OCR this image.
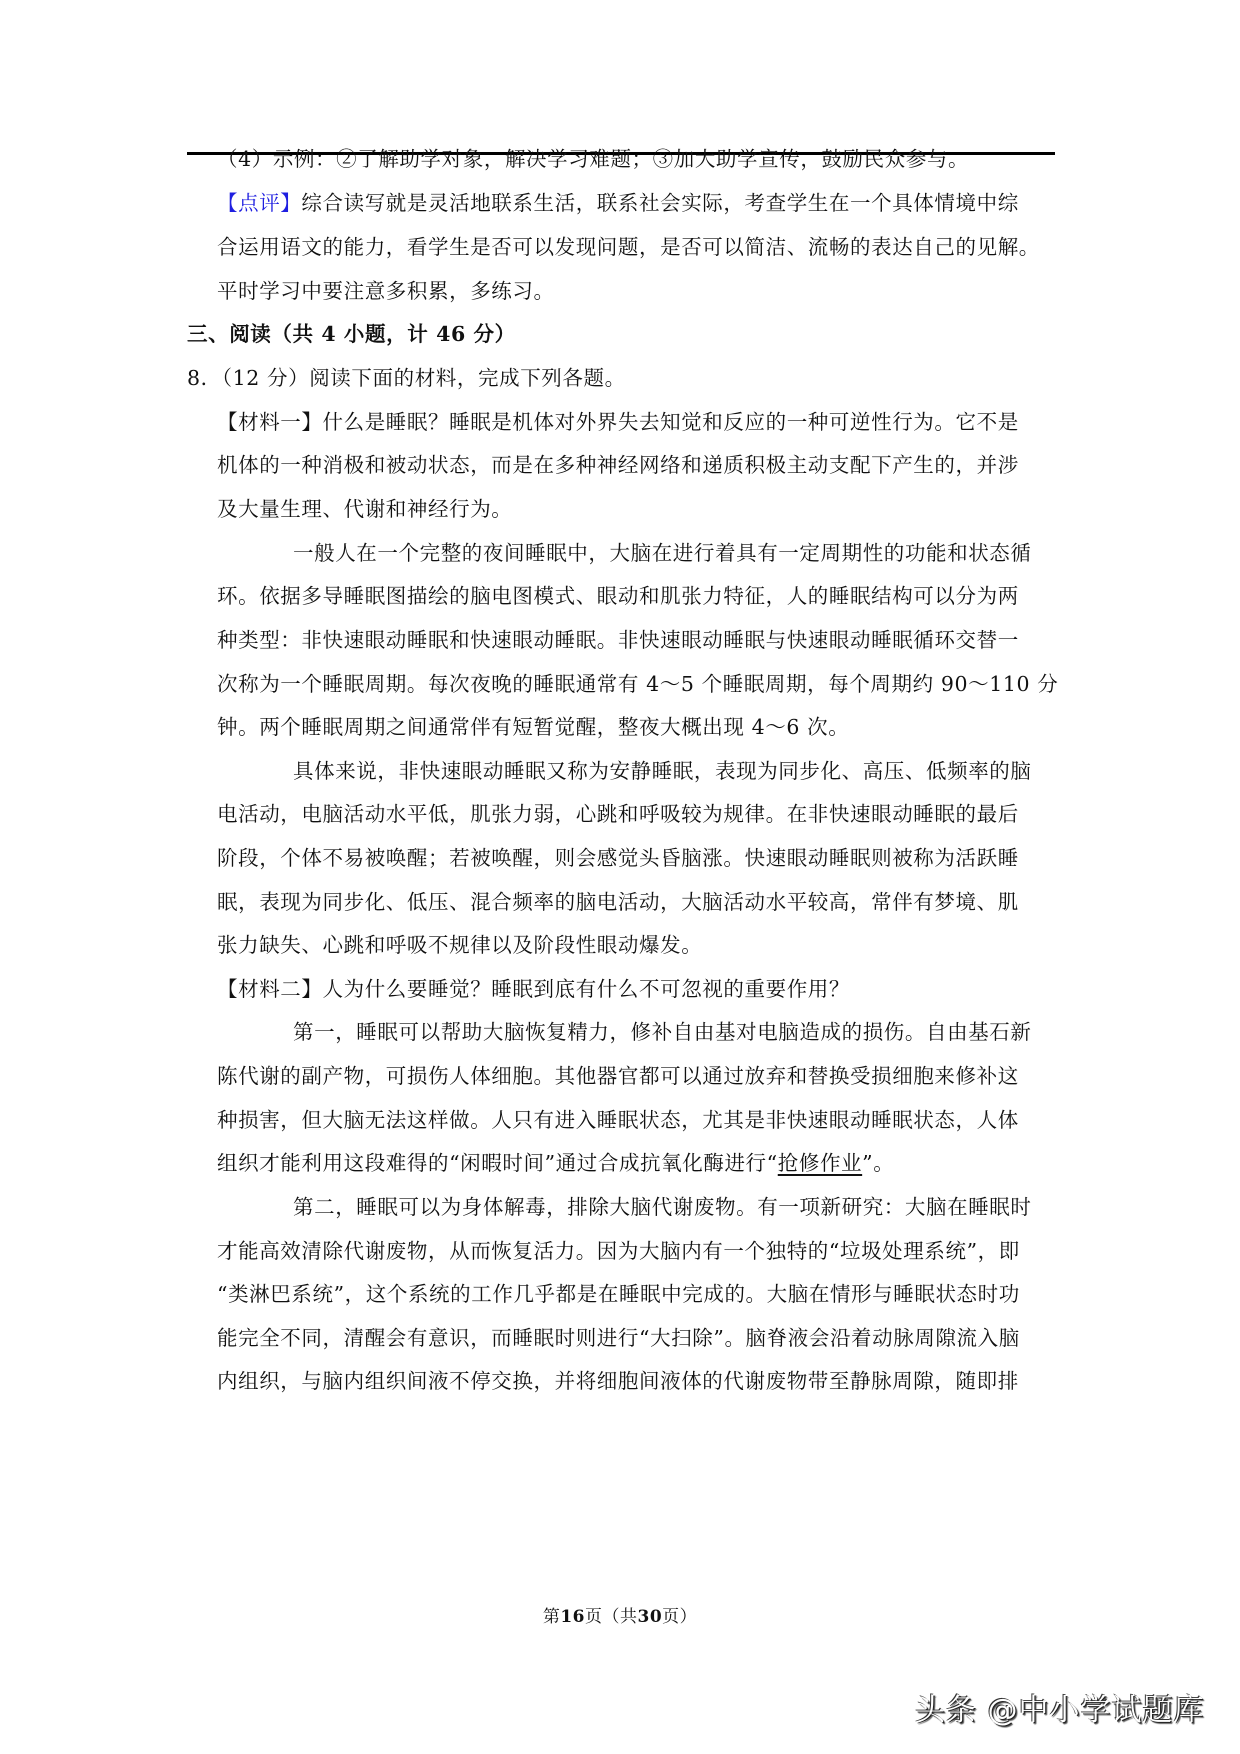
（4）示例：②了解助学对象，解决学习难题；③加大助学宣传，鼓励民众参与。
【点评】综合读写就是灵活地联系生活，联系社会实际，考查学生在一个具体情境中综
合运用语文的能力，看学生是否可以发现问题，是否可以简洁、流畅的表达自己的见解。
平时学习中要注意多积累，多练习。
三、阅读（共 4 小题，计 46 分）
8．（12 分）阅读下面的材料，完成下列各题。
【材料一】什么是睡眠？睡眠是机体对外界失去知觉和反应的一种可逆性行为。它不是
机体的一种消极和被动状态，而是在多种神经网络和递质积极主动支配下产生的，并涉
及大量生理、代谢和神经行为。
一般人在一个完整的夜间睡眠中，大脑在进行着具有一定周期性的功能和状态循
环。依据多导睡眠图描绘的脑电图模式、眼动和肌张力特征，人的睡眠结构可以分为两
种类型：非快速眼动睡眠和快速眼动睡眠。非快速眼动睡眠与快速眼动睡眠循环交替一
次称为一个睡眠周期。每次夜晚的睡眠通常有 4～5 个睡眠周期，每个周期约 90～110 分
钟。两个睡眠周期之间通常伴有短暂觉醒，整夜大概出现 4～6 次。
具体来说，非快速眼动睡眠又称为安静睡眠，表现为同步化、高压、低频率的脑
电活动，电脑活动水平低，肌张力弱，心跳和呼吸较为规律。在非快速眼动睡眠的最后
阶段，个体不易被唤醒；若被唤醒，则会感觉头昏脑涨。快速眼动睡眠则被称为活跃睡
眠，表现为同步化、低压、混合频率的脑电活动，大脑活动水平较高，常伴有梦境、肌
张力缺失、心跳和呼吸不规律以及阶段性眼动爆发。
【材料二】人为什么要睡觉？睡眠到底有什么不可忽视的重要作用？
第一，睡眠可以帮助大脑恢复精力，修补自由基对电脑造成的损伤。自由基石新
陈代谢的副产物，可损伤人体细胞。其他器官都可以通过放弃和替换受损细胞来修补这
种损害，但大脑无法这样做。人只有进入睡眠状态，尤其是非快速眼动睡眠状态，人体
组织才能利用这段难得的“闲暇时间”通过合成抗氧化酶进行“抢修作业”。
第二，睡眠可以为身体解毒，排除大脑代谢废物。有一项新研究：大脑在睡眠时
才能高效清除代谢废物，从而恢复活力。因为大脑内有一个独特的“垃圾处理系统”，即
“类淋巴系统”，这个系统的工作几乎都是在睡眠中完成的。大脑在情形与睡眠状态时功
能完全不同，清醒会有意识，而睡眠时则进行“大扫除”。脑脊液会沿着动脉周隙流入脑
内组织，与脑内组织间液不停交换，并将细胞间液体的代谢废物带至静脉周隙，随即排
第16页（共30页）
头条 @中小学试题库
